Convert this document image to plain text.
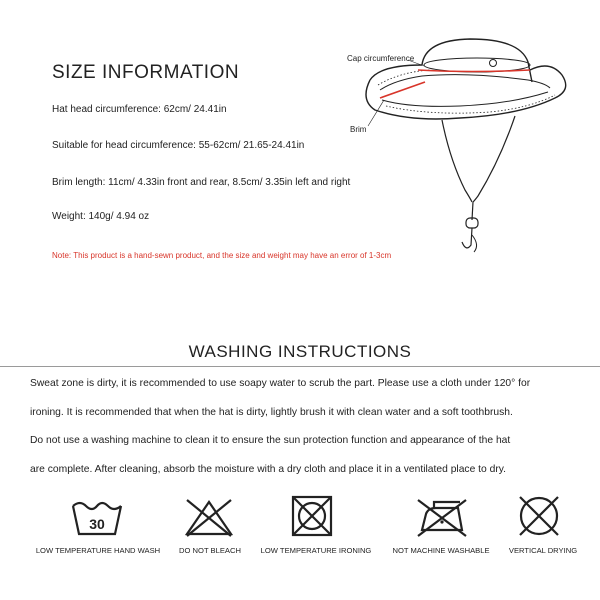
SIZE INFORMATION
Hat head circumference: 62cm/ 24.41in
Suitable for head circumference: 55-62cm/ 21.65-24.41in
Brim length: 11cm/ 4.33in front and rear, 8.5cm/ 3.35in left and right
Weight: 140g/ 4.94 oz
Note: This product is a hand-sewn product, and the size and weight may have an error of 1-3cm
Cap circumference
Brim
WASHING INSTRUCTIONS
Sweat zone is dirty, it is recommended to use soapy water to scrub the part. Please use a cloth under 120° for
ironing. It is recommended that when the hat is dirty, lightly brush it with clean water and a soft toothbrush.
Do not use a washing machine to clean it to ensure the sun protection function and appearance of the hat
are complete. After cleaning, absorb the moisture with a dry cloth and place it in a ventilated place to dry.
30
LOW TEMPERATURE HAND WASH	DO NOT BLEACH	LOW TEMPERATURE IRONING	NOT MACHINE WASHABLE	VERTICAL DRYING
